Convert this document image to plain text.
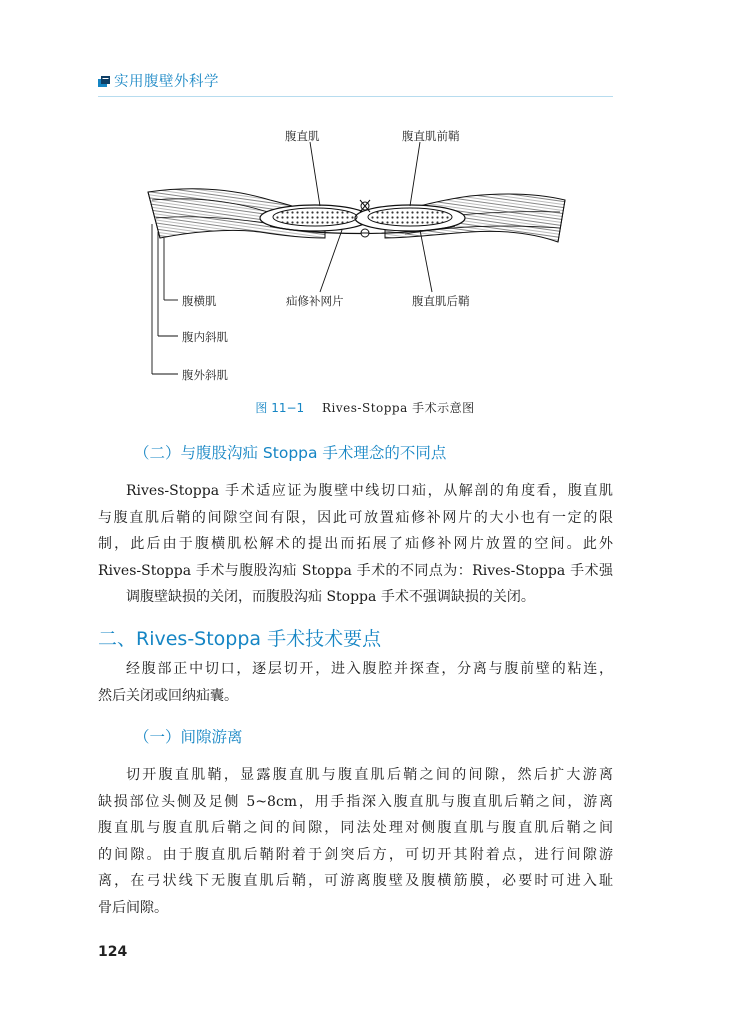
实用腹壁外科学
腹直肌	腹直肌前鞘
腹横肌	疝修补网片	腹直肌后鞘
腹内斜肌
腹外斜肌
图 11−1 Rives-Stoppa 手术示意图
（二）与腹股沟疝 Stoppa 手术理念的不同点
Rives-Stoppa 手术适应证为腹壁中线切口疝，从解剖的角度看，腹直肌
与腹直肌后鞘的间隙空间有限，因此可放置疝修补网片的大小也有一定的限
制，此后由于腹横肌松解术的提出而拓展了疝修补网片放置的空间。此外
Rives-Stoppa 手术与腹股沟疝 Stoppa 手术的不同点为：Rives-Stoppa 手术强
调腹壁缺损的关闭，而腹股沟疝 Stoppa 手术不强调缺损的关闭。
二、Rives-Stoppa 手术技术要点
经腹部正中切口，逐层切开，进入腹腔并探查，分离与腹前壁的粘连，
然后关闭或回纳疝囊。
（一）间隙游离
切开腹直肌鞘，显露腹直肌与腹直肌后鞘之间的间隙，然后扩大游离
缺损部位头侧及足侧 5~8cm，用手指深入腹直肌与腹直肌后鞘之间，游离
腹直肌与腹直肌后鞘之间的间隙，同法处理对侧腹直肌与腹直肌后鞘之间
的间隙。由于腹直肌后鞘附着于剑突后方，可切开其附着点，进行间隙游
离，在弓状线下无腹直肌后鞘，可游离腹壁及腹横筋膜，必要时可进入耻
骨后间隙。
124
